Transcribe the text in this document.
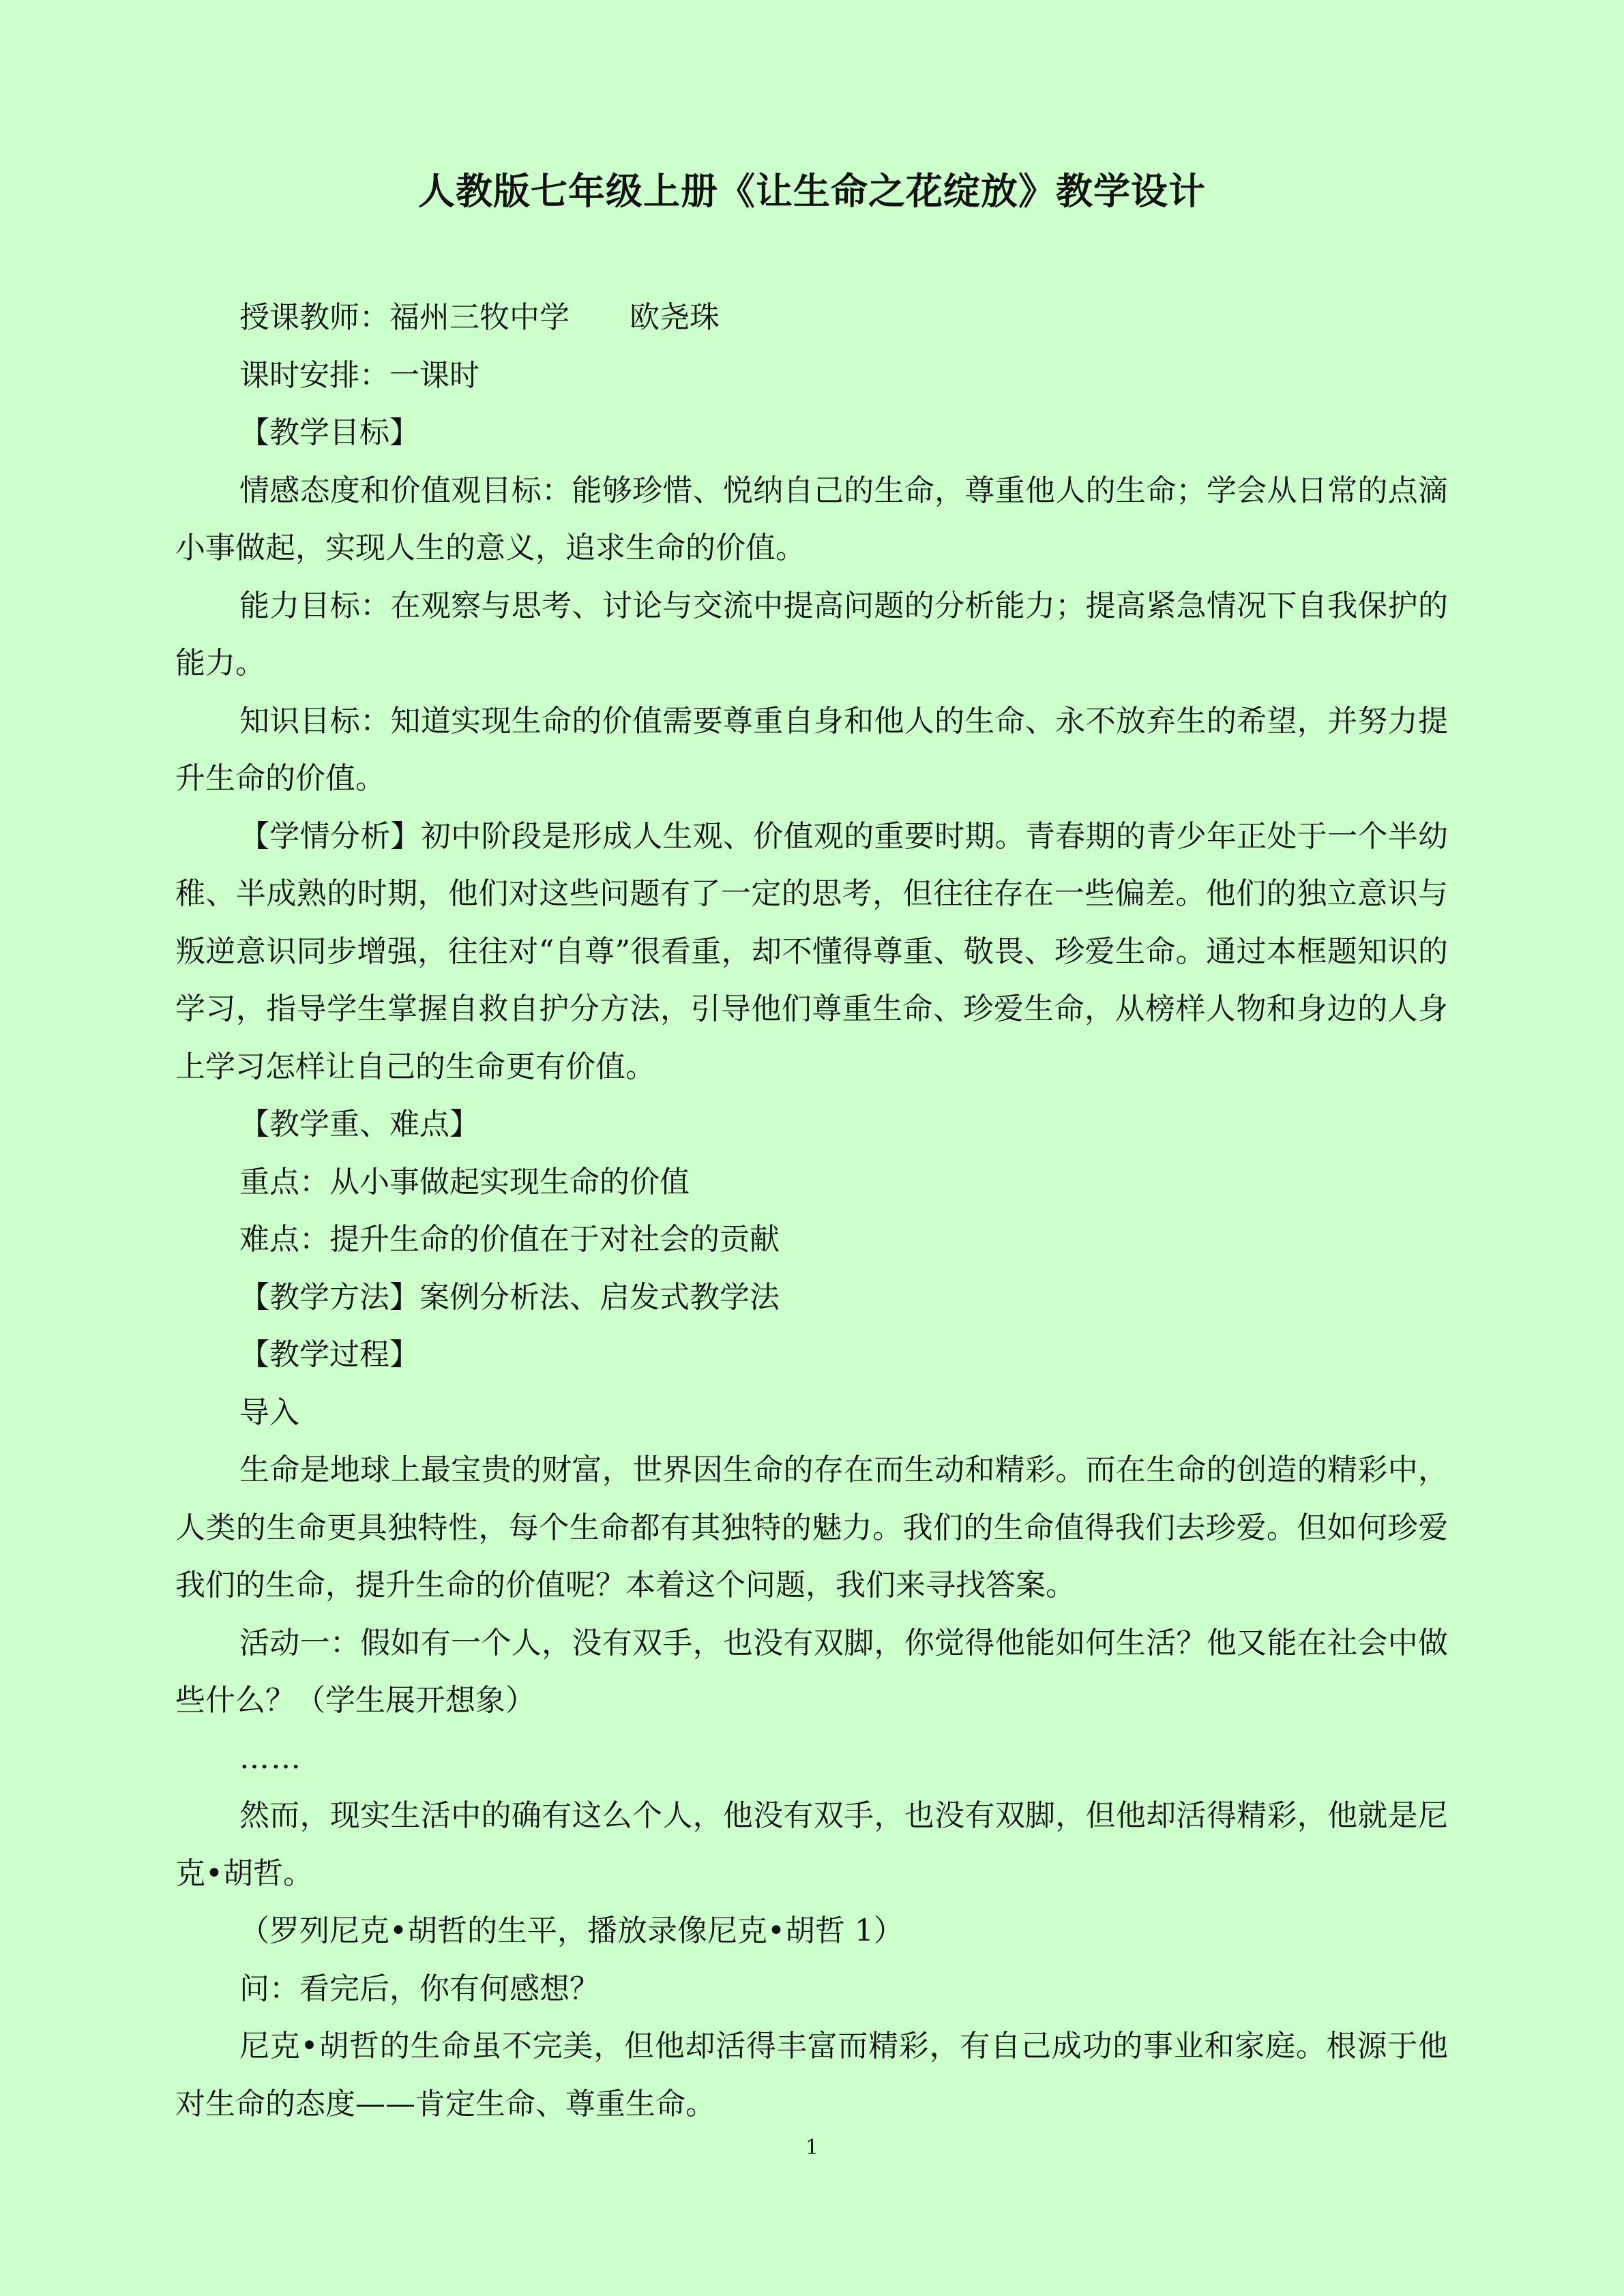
人教版七年级上册《让生命之花绽放》教学设计

授课教师：福州三牧中学　　欧尧珠

课时安排：一课时

【教学目标】

情感态度和价值观目标：能够珍惜、悦纳自己的生命，尊重他人的生命；学会从日常的点滴小事做起，实现人生的意义，追求生命的价值。

能力目标：在观察与思考、讨论与交流中提高问题的分析能力；提高紧急情况下自我保护的能力。

知识目标：知道实现生命的价值需要尊重自身和他人的生命、永不放弃生的希望，并努力提升生命的价值。

【学情分析】初中阶段是形成人生观、价值观的重要时期。青春期的青少年正处于一个半幼稚、半成熟的时期，他们对这些问题有了一定的思考，但往往存在一些偏差。他们的独立意识与叛逆意识同步增强，往往对“自尊”很看重，却不懂得尊重、敬畏、珍爱生命。通过本框题知识的学习，指导学生掌握自救自护分方法，引导他们尊重生命、珍爱生命，从榜样人物和身边的人身上学习怎样让自己的生命更有价值。

【教学重、难点】

重点：从小事做起实现生命的价值

难点：提升生命的价值在于对社会的贡献

【教学方法】案例分析法、启发式教学法

【教学过程】

导入

生命是地球上最宝贵的财富，世界因生命的存在而生动和精彩。而在生命的创造的精彩中，人类的生命更具独特性，每个生命都有其独特的魅力。我们的生命值得我们去珍爱。但如何珍爱我们的生命，提升生命的价值呢？本着这个问题，我们来寻找答案。

活动一：假如有一个人，没有双手，也没有双脚，你觉得他能如何生活？他又能在社会中做些什么？（学生展开想象）

……

然而，现实生活中的确有这么个人，他没有双手，也没有双脚，但他却活得精彩，他就是尼克•胡哲。

（罗列尼克•胡哲的生平，播放录像尼克•胡哲 1）

问：看完后，你有何感想？

尼克•胡哲的生命虽不完美，但他却活得丰富而精彩，有自己成功的事业和家庭。根源于他对生命的态度——肯定生命、尊重生命。

1
